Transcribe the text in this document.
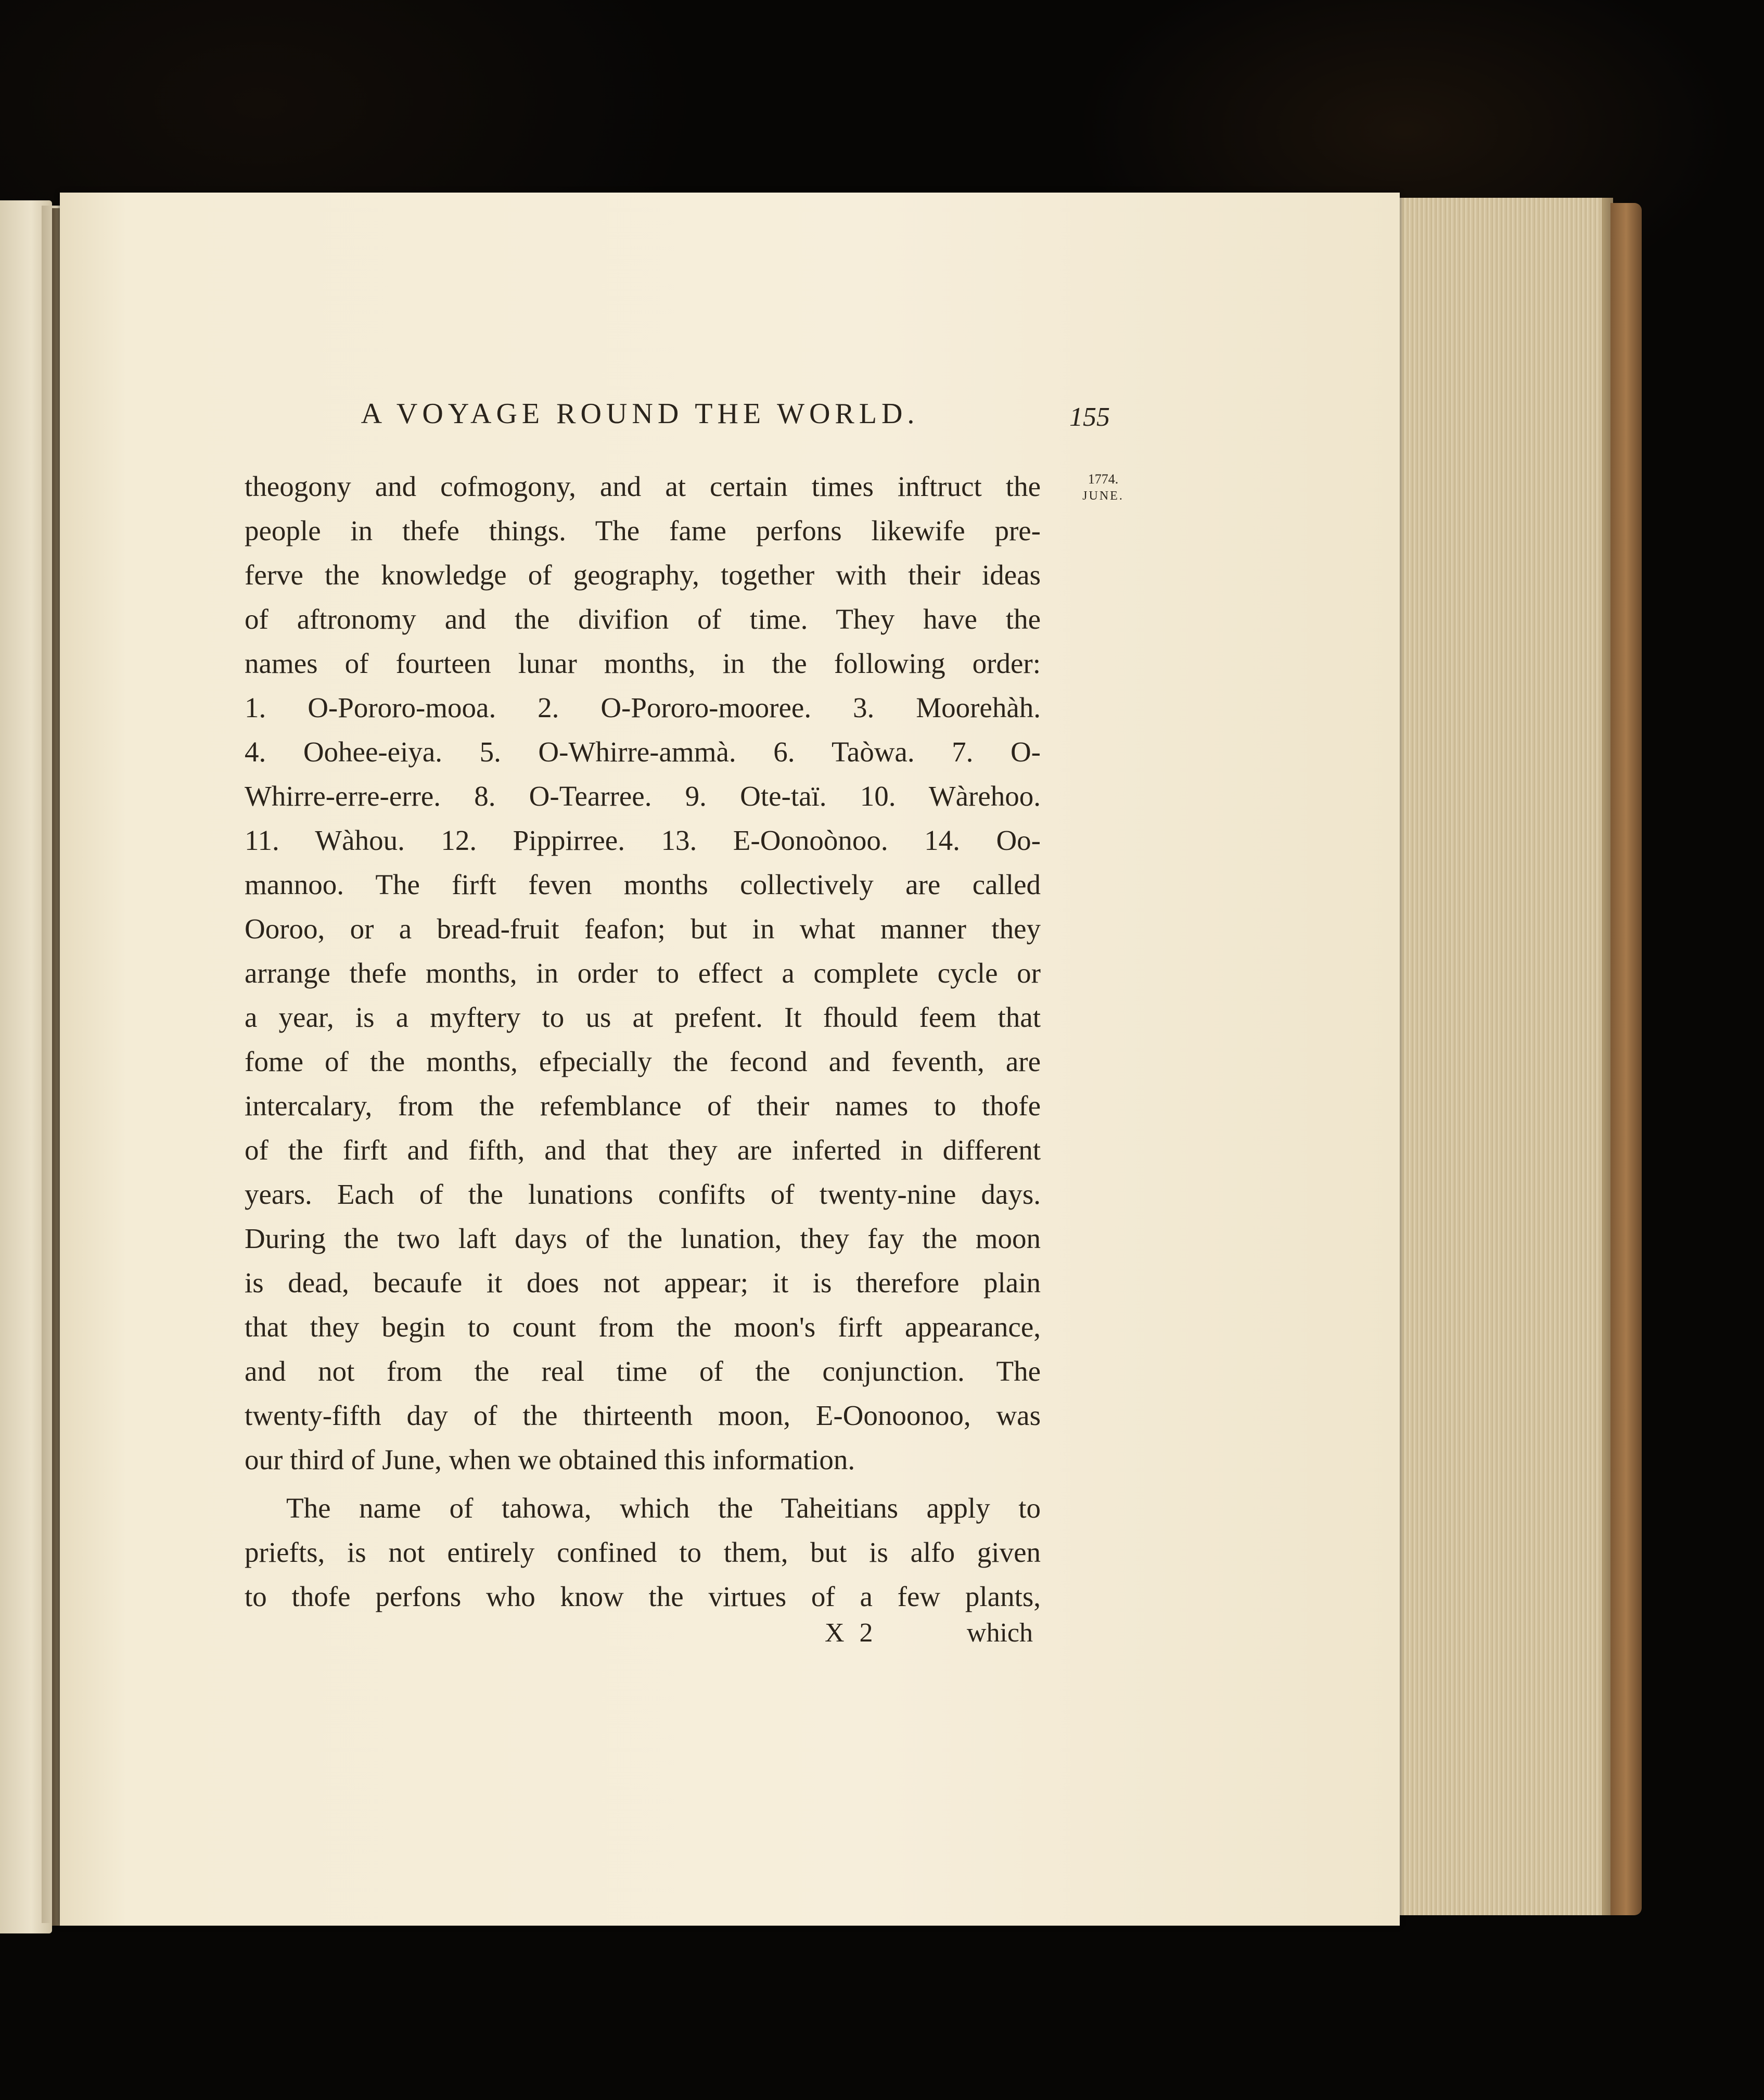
A VOYAGE ROUND THE WORLD.	155
1774.
JUNE.
theogony and cofmogony, and at certain times inftruct the
people in thefe things. The fame perfons likewife pre-
ferve the knowledge of geography, together with their ideas
of aftronomy and the divifion of time. They have the
names of fourteen lunar months, in the following order:
1. O-Pororo-mooa. 2. O-Pororo-mooree. 3. Moorehàh.
4. Oohee-eiya. 5. O-Whirre-ammà. 6. Taòwa. 7. O-
Whirre-erre-erre. 8. O-Tearree. 9. Ote-taï. 10. Wàrehoo.
11. Wàhou. 12. Pippirree. 13. E-Oonoònoo. 14. Oo-
mannoo. The firft feven months collectively are called
Ooroo, or a bread-fruit feafon; but in what manner they
arrange thefe months, in order to effect a complete cycle or
a year, is a myftery to us at prefent. It fhould feem that
fome of the months, efpecially the fecond and feventh, are
intercalary, from the refemblance of their names to thofe
of the firft and fifth, and that they are inferted in different
years. Each of the lunations confifts of twenty-nine days.
During the two laft days of the lunation, they fay the moon
is dead, becaufe it does not appear; it is therefore plain
that they begin to count from the moon's firft appearance,
and not from the real time of the conjunction. The
twenty-fifth day of the thirteenth moon, E-Oonoonoo, was
our third of June, when we obtained this information.
The name of tahowa, which the Taheitians apply to
priefts, is not entirely confined to them, but is alfo given
to thofe perfons who know the virtues of a few plants,
X 2	which
